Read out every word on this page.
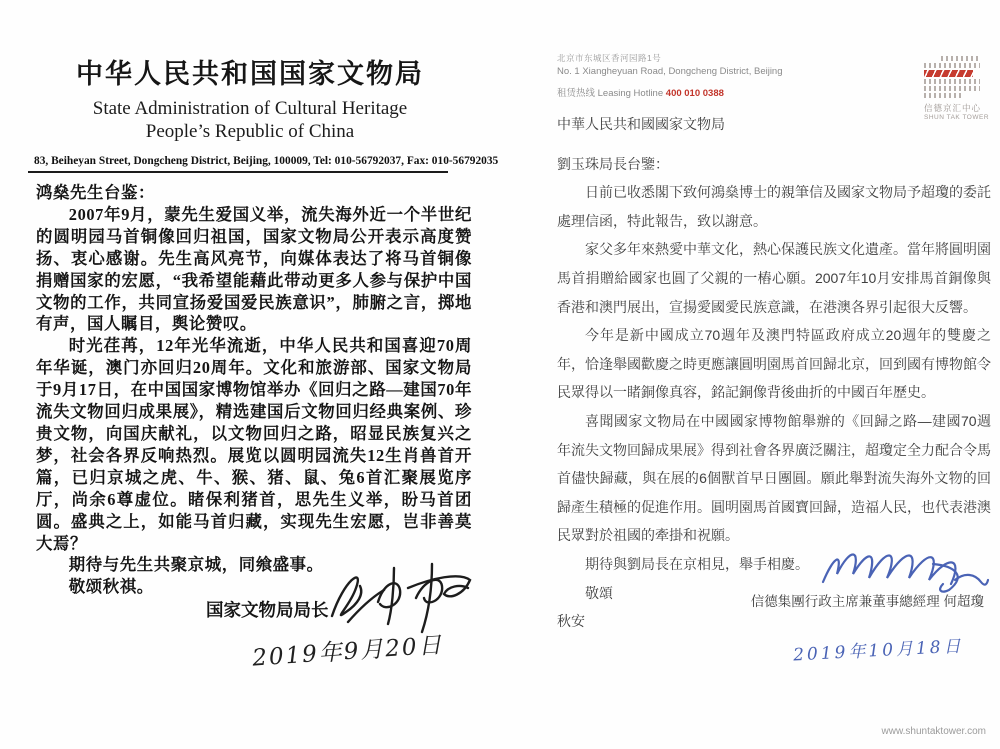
中华人民共和国国家文物局
State Administration of Cultural Heritage
People’s Republic of China
83, Beiheyan Street, Dongcheng District, Beijing, 100009, Tel: 010-56792037, Fax: 010-56792035

鸿燊先生台鉴：

2007年9月，蒙先生爱国义举，流失海外近一个半世纪的圆明园马首铜像回归祖国，国家文物局公开表示高度赞扬、衷心感谢。先生高风亮节，向媒体表达了将马首铜像捐赠国家的宏愿，“我希望能藉此带动更多人参与保护中国文物的工作，共同宣扬爱国爱民族意识”，肺腑之言，掷地有声，国人瞩目，舆论赞叹。

时光荏苒，12年光华流逝，中华人民共和国喜迎70周年华诞，澳门亦回归20周年。文化和旅游部、国家文物局于9月17日，在中国国家博物馆举办《回归之路—建国70年流失文物回归成果展》，精选建国后文物回归经典案例、珍贵文物，向国庆献礼，以文物回归之路，昭显民族复兴之梦，社会各界反响热烈。展览以圆明园流失12生肖兽首开篇，已归京城之虎、牛、猴、猪、鼠、兔6首汇聚展览序厅，尚余6尊虚位。睹保利猪首，思先生义举，盼马首团圆。盛典之上，如能马首归藏，实现先生宏愿，岂非善莫大焉？

期待与先生共聚京城，同飨盛事。

敬颂秋祺。

国家文物局局长
2019年9月20日
北京市东城区香河园路1号
No. 1 Xiangheyuan Road, Dongcheng District, Beijing
租赁热线 Leasing Hotline 400 010 0388
信德京汇中心
SHUN TAK TOWER

中華人民共和國國家文物局

劉玉珠局長台鑒：

日前已收悉閣下致何鴻燊博士的親筆信及國家文物局予超瓊的委託處理信函，特此報告，致以謝意。

家父多年來熱愛中華文化，熱心保護民族文化遺產。當年將圓明園馬首捐贈給國家也圓了父親的一樁心願。2007年10月安排馬首銅像與香港和澳門展出，宣揚愛國愛民族意識，在港澳各界引起很大反響。

今年是新中國成立70週年及澳門特區政府成立20週年的雙慶之年，恰逢舉國歡慶之時更應讓圓明園馬首回歸北京，回到國有博物館令民眾得以一睹銅像真容，銘記銅像背後曲折的中國百年歷史。

喜聞國家文物局在中國國家博物館舉辦的《回歸之路—建國70週年流失文物回歸成果展》得到社會各界廣泛關注，超瓊定全力配合令馬首儘快歸藏，與在展的6個獸首早日團圓。願此舉對流失海外文物的回歸產生積極的促進作用。圓明園馬首國寶回歸，造福人民，也代表港澳民眾對於祖國的牽掛和祝願。

期待與劉局長在京相見，舉手相慶。

敬頌

秋安

信德集團行政主席兼董事總經理 何超瓊
2019年10月18日
www.shuntaktower.com
